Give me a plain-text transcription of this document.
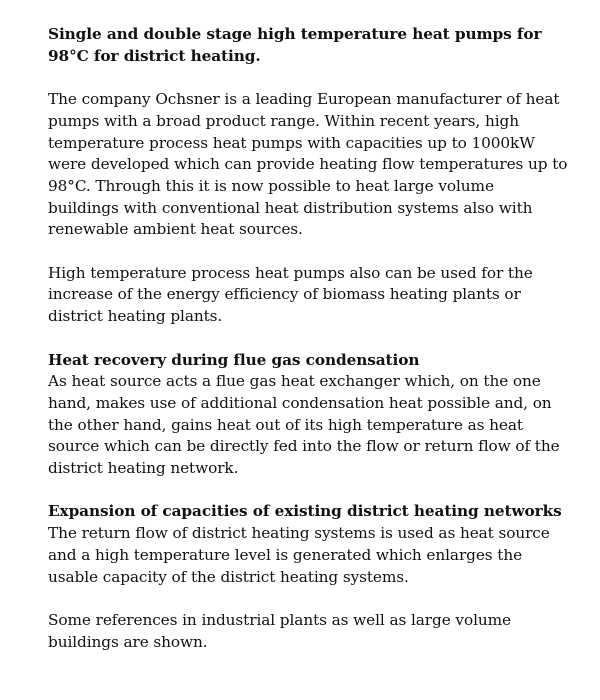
Single and double stage high temperature heat pumps for 98°C for district heating.

The company Ochsner is a leading European manufacturer of heat pumps with a broad product range. Within recent years, high temperature process heat pumps with capacities up to 1000kW were developed which can provide heating flow temperatures up to 98°C. Through this it is now possible to heat large volume buildings with conventional heat distribution systems also with renewable ambient heat sources.

High temperature process heat pumps also can be used for the increase of the energy efficiency of biomass heating plants or district heating plants.

Heat recovery during flue gas condensation
As heat source acts a flue gas heat exchanger which, on the one hand, makes use of additional condensation heat possible and, on the other hand, gains heat out of its high temperature as heat source which can be directly fed into the flow or return flow of the district heating network.

Expansion of capacities of existing district heating networks
The return flow of district heating systems is used as heat source and a high temperature level is generated which enlarges the usable capacity of the district heating systems.

Some references in industrial plants as well as large volume buildings are shown.
